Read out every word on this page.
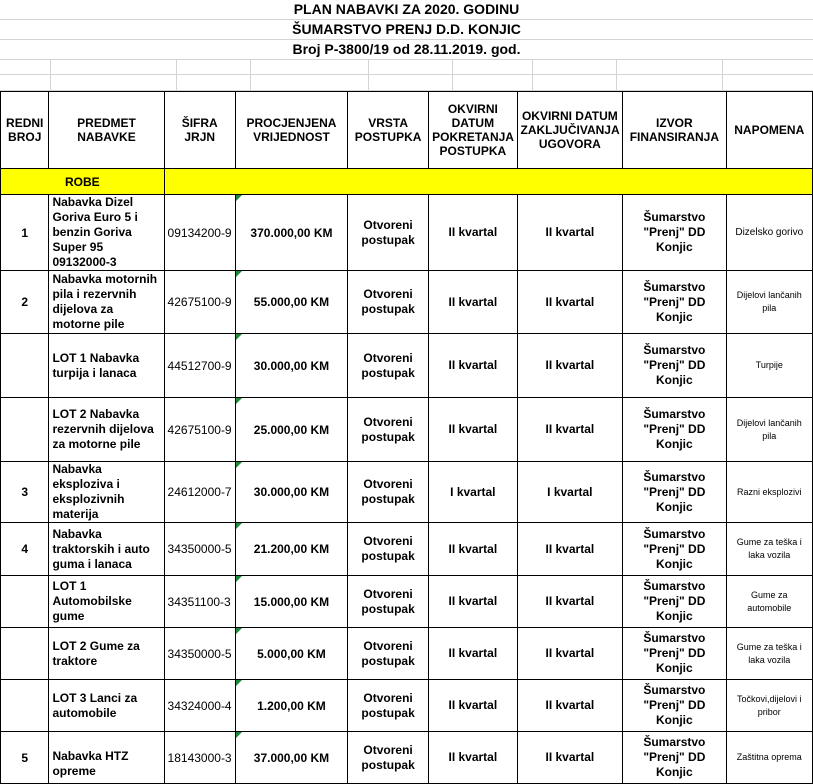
PLAN NABAVKI ZA 2020. GODINU
ŠUMARSTVO PRENJ D.D. KONJIC
Broj P-3800/19 od 28.11.2019. god.
REDNI BROJ	PREDMET NABAVKE	ŠIFRA JRJN	PROCJENJENA VRIJEDNOST	VRSTA POSTUPKA	OKVIRNI DATUM POKRETANJA POSTUPKA	OKVIRNI DATUM ZAKLJUČIVANJA UGOVORA	IZVOR FINANSIRANJA	NAPOMENA
ROBE								
1	Nabavka Dizel Goriva Euro 5 i benzin Goriva Super 95 09132000-3	09134200-9	370.000,00 KM	Otvoreni postupak	II kvartal	II kvartal	Šumarstvo "Prenj" DD Konjic	Dizelsko gorivo
2	Nabavka motornih pila i rezervnih dijelova za motorne pile	42675100-9	55.000,00 KM	Otvoreni postupak	II kvartal	II kvartal	Šumarstvo "Prenj" DD Konjic	Dijelovi lančanih pila
	LOT 1 Nabavka turpija i lanaca	44512700-9	30.000,00 KM	Otvoreni postupak	II kvartal	II kvartal	Šumarstvo "Prenj" DD Konjic	Turpije
	LOT 2 Nabavka rezervnih dijelova za motorne pile	42675100-9	25.000,00 KM	Otvoreni postupak	II kvartal	II kvartal	Šumarstvo "Prenj" DD Konjic	Dijelovi lančanih pila
3	Nabavka eksploziva i eksplozivnih materija	24612000-7	30.000,00 KM	Otvoreni postupak	I kvartal	I kvartal	Šumarstvo "Prenj" DD Konjic	Razni eksplozivi
4	Nabavka traktorskih i auto guma i lanaca	34350000-5	21.200,00 KM	Otvoreni postupak	II kvartal	II kvartal	Šumarstvo "Prenj" DD Konjic	Gume za teška i laka vozila
	LOT 1 Automobilske gume	34351100-3	15.000,00 KM	Otvoreni postupak	II kvartal	II kvartal	Šumarstvo "Prenj" DD Konjic	Gume za automobile
	LOT 2 Gume za traktore	34350000-5	5.000,00 KM	Otvoreni postupak	II kvartal	II kvartal	Šumarstvo "Prenj" DD Konjic	Gume za teška i laka vozila
	LOT 3 Lanci za automobile	34324000-4	1.200,00 KM	Otvoreni postupak	II kvartal	II kvartal	Šumarstvo "Prenj" DD Konjic	Točkovi,dijelovi i pribor
5	Nabavka HTZ opreme	18143000-3	37.000,00 KM	Otvoreni postupak	II kvartal	II kvartal	Šumarstvo "Prenj" DD Konjic	Zaštitna oprema
